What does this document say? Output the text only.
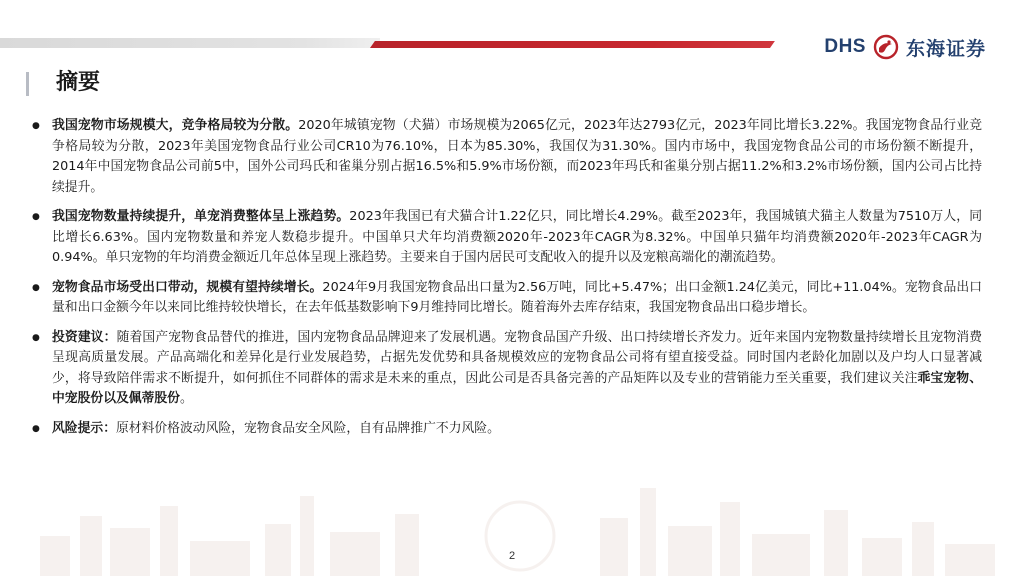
DHS 东海证券
摘要
● 我国宠物市场规模大，竞争格局较为分散。2020年城镇宠物（犬猫）市场规模为2065亿元，2023年达2793亿元，2023年同比增长3.22%。我国宠物食品行业竞争格局较为分散，2023年美国宠物食品行业公司CR10为76.10%，日本为85.30%，我国仅为31.30%。国内市场中，我国宠物食品公司的市场份额不断提升，2014年中国宠物食品公司前5中，国外公司玛氏和雀巢分别占据16.5%和5.9%市场份额，而2023年玛氏和雀巢分别占据11.2%和3.2%市场份额，国内公司占比持续提升。
● 我国宠物数量持续提升，单宠消费整体呈上涨趋势。2023年我国已有犬猫合计1.22亿只，同比增长4.29%。截至2023年，我国城镇犬猫主人数量为7510万人，同比增长6.63%。国内宠物数量和养宠人数稳步提升。中国单只犬年均消费额2020年-2023年CAGR为8.32%。中国单只猫年均消费额2020年-2023年CAGR为0.94%。单只宠物的年均消费金额近几年总体呈现上涨趋势。主要来自于国内居民可支配收入的提升以及宠粮高端化的潮流趋势。
● 宠物食品市场受出口带动，规模有望持续增长。2024年9月我国宠物食品出口量为2.56万吨，同比+5.47%；出口金额1.24亿美元，同比+11.04%。宠物食品出口量和出口金额今年以来同比维持较快增长，在去年低基数影响下9月维持同比增长。随着海外去库存结束，我国宠物食品出口稳步增长。
● 投资建议：随着国产宠物食品替代的推进，国内宠物食品品牌迎来了发展机遇。宠物食品国产升级、出口持续增长齐发力。近年来国内宠物数量持续增长且宠物消费呈现高质量发展。产品高端化和差异化是行业发展趋势，占据先发优势和具备规模效应的宠物食品公司将有望直接受益。同时国内老龄化加剧以及户均人口显著减少，将导致陪伴需求不断提升，如何抓住不同群体的需求是未来的重点，因此公司是否具备完善的产品矩阵以及专业的营销能力至关重要，我们建议关注乖宝宠物、中宠股份以及佩蒂股份。
● 风险提示：原材料价格波动风险，宠物食品安全风险，自有品牌推广不力风险。
2
